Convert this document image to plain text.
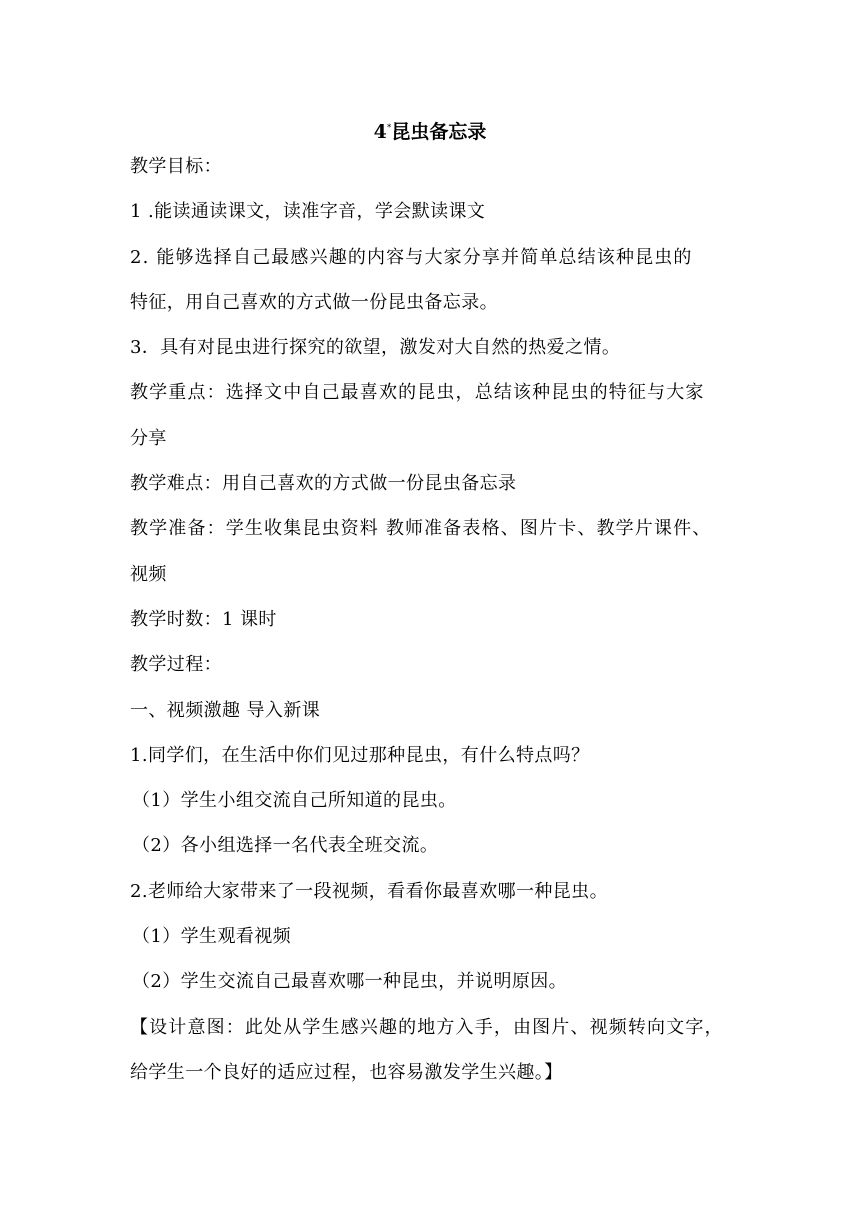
4*昆虫备忘录
教学目标：
1 .能读通读课文，读准字音，学会默读课文
2. 能够选择自己最感兴趣的内容与大家分享并简单总结该种昆虫的
特征，用自己喜欢的方式做一份昆虫备忘录。
3．具有对昆虫进行探究的欲望，激发对大自然的热爱之情。
教学重点：选择文中自己最喜欢的昆虫，总结该种昆虫的特征与大家
分享
教学难点：用自己喜欢的方式做一份昆虫备忘录
教学准备：学生收集昆虫资料 教师准备表格、图片卡、教学片课件、
视频
教学时数：1 课时
教学过程：
一、视频激趣 导入新课
1.同学们，在生活中你们见过那种昆虫，有什么特点吗？
（1）学生小组交流自己所知道的昆虫。
（2）各小组选择一名代表全班交流。
2.老师给大家带来了一段视频，看看你最喜欢哪一种昆虫。
（1）学生观看视频
（2）学生交流自己最喜欢哪一种昆虫，并说明原因。
【设计意图：此处从学生感兴趣的地方入手，由图片、视频转向文字，
给学生一个良好的适应过程，也容易激发学生兴趣。】
